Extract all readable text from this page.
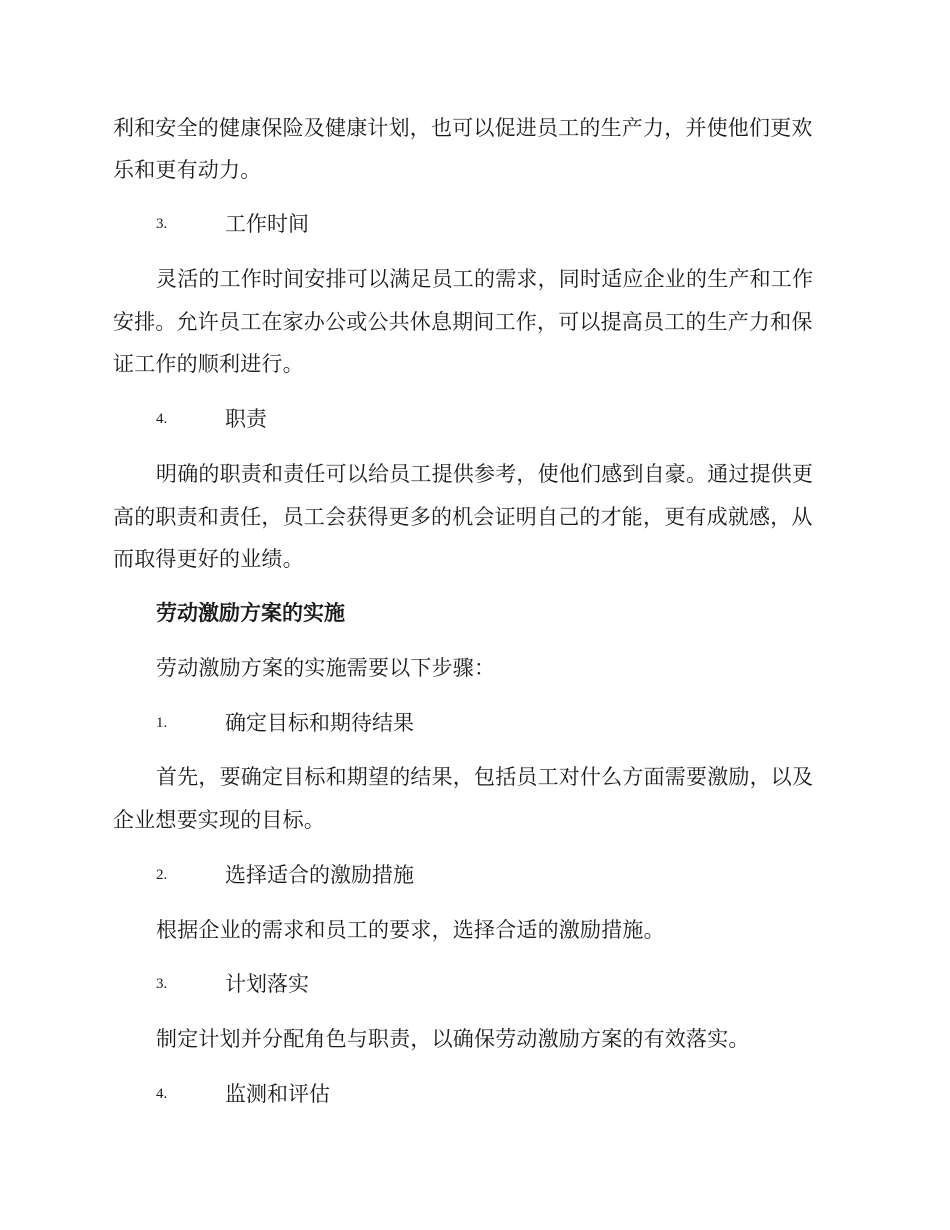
利和安全的健康保险及健康计划，也可以促进员工的生产力，并使他们更欢
乐和更有动力。
3.	工作时间
灵活的工作时间安排可以满足员工的需求，同时适应企业的生产和工作
安排。允许员工在家办公或公共休息期间工作，可以提高员工的生产力和保
证工作的顺利进行。
4.	职责
明确的职责和责任可以给员工提供参考，使他们感到自豪。通过提供更
高的职责和责任，员工会获得更多的机会证明自己的才能，更有成就感，从
而取得更好的业绩。
劳动激励方案的实施
劳动激励方案的实施需要以下步骤：
1.	确定目标和期待结果
首先，要确定目标和期望的结果，包括员工对什么方面需要激励，以及
企业想要实现的目标。
2.	选择适合的激励措施
根据企业的需求和员工的要求，选择合适的激励措施。
3.	计划落实
制定计划并分配角色与职责，以确保劳动激励方案的有效落实。
4.	监测和评估
